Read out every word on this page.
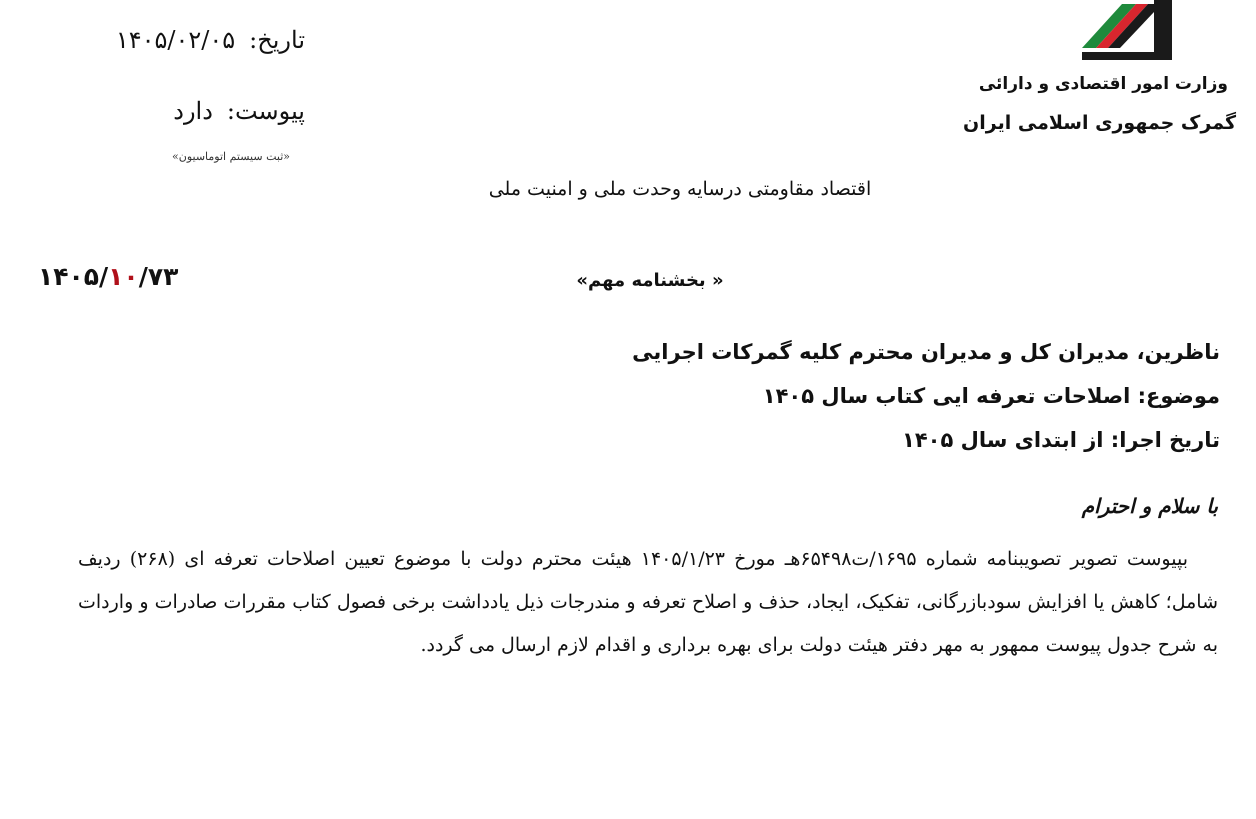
وزارت امور اقتصادی و دارائی
گمرک جمهوری اسلامی ایران
تاریخ:
۱۴۰۵/۰۲/۰۵
پیوست:
دارد
«ثبت سیستم اتوماسیون»
اقتصاد مقاومتی درسایه وحدت ملی و امنیت ملی
۱۴۰۵/۱۰/۷۳	« بخشنامه مهم»
ناظرین، مدیران کل و مدیران محترم کلیه گمرکات اجرایی
موضوع: اصلاحات تعرفه ایی کتاب سال ۱۴۰۵
تاریخ اجرا: از ابتدای سال ۱۴۰۵
با سلام و احترام
بپیوست تصویر تصویبنامه شماره ۱۶۹۵/ت۶۵۴۹۸هـ مورخ ۱۴۰۵/۱/۲۳ هیئت محترم دولت با موضوع تعیین اصلاحات تعرفه ای (۲۶۸) ردیف شامل؛ کاهش یا افزایش سودبازرگانی، تفکیک، ایجاد، حذف و اصلاح تعرفه و مندرجات ذیل یادداشت برخی فصول کتاب مقررات صادرات و واردات به شرح جدول پیوست ممهور به مهر دفتر هیئت دولت برای بهره برداری و اقدام لازم ارسال می گردد.
